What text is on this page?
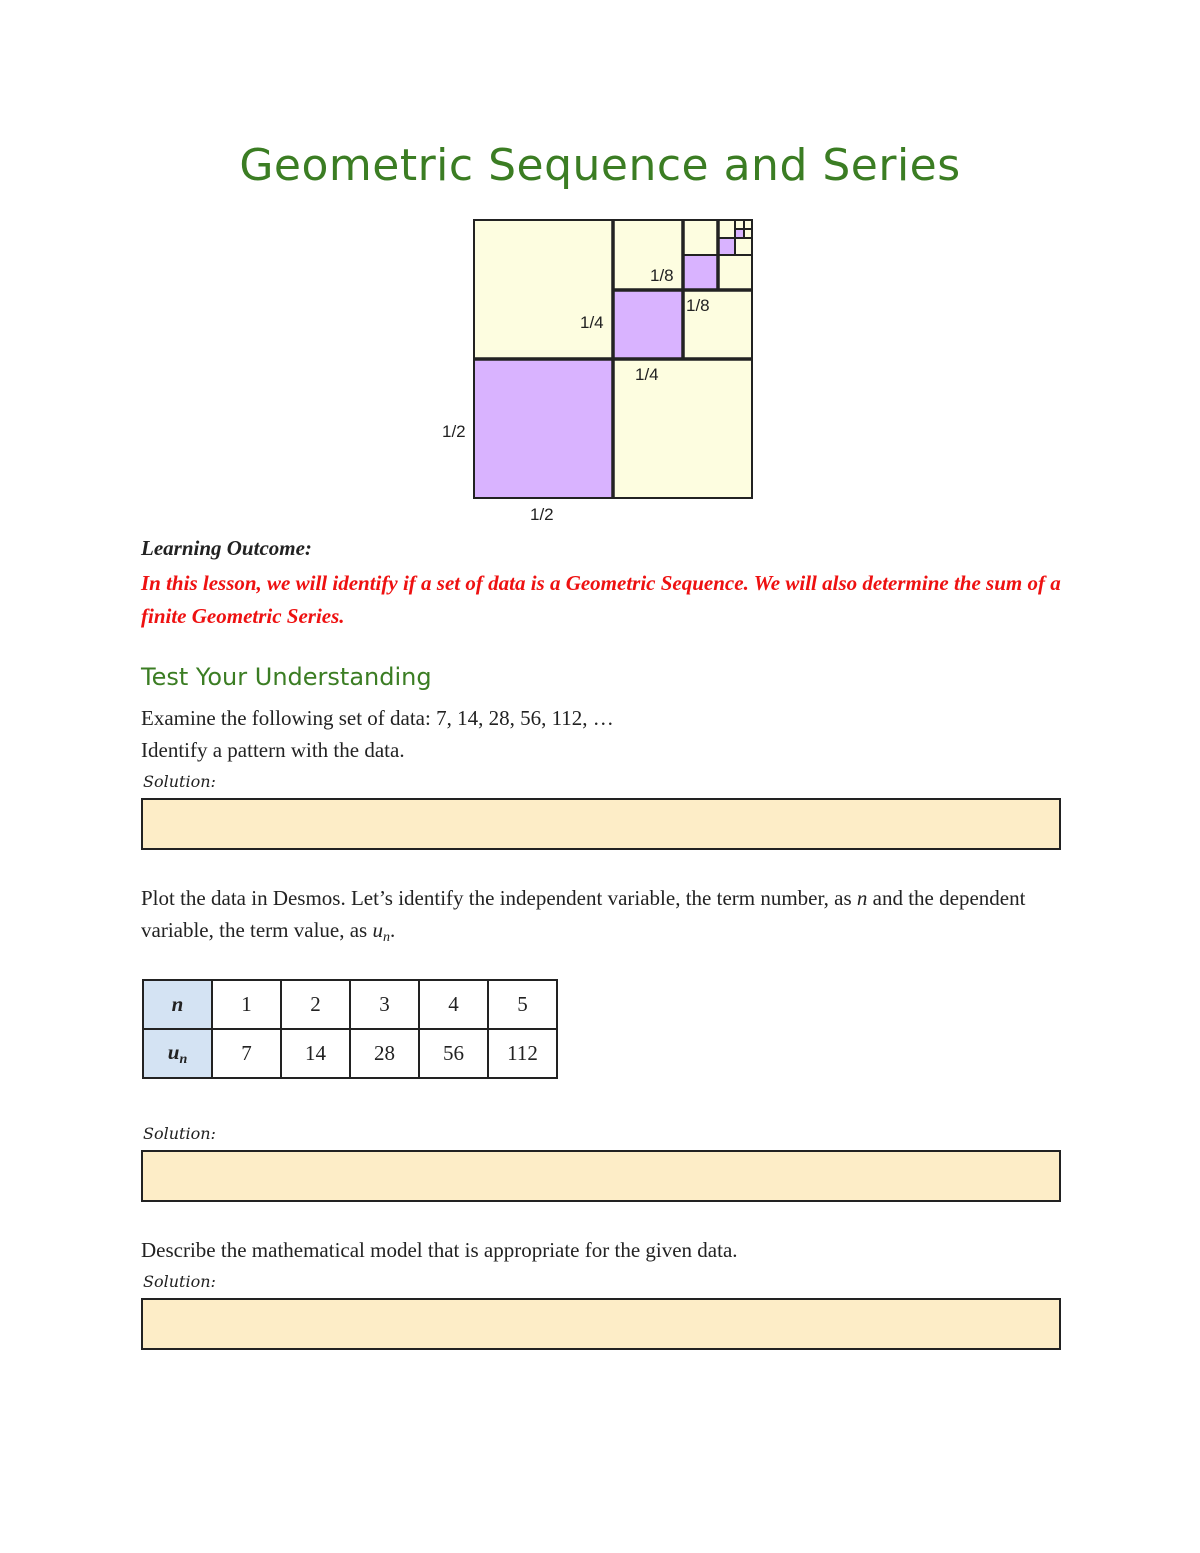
Geometric Sequence and Series
1/2
1/2
1/4
1/4
1/8
1/8
Learning Outcome:
In this lesson, we will identify if a set of data is a Geometric Sequence. We will also determine the sum of a finite Geometric Series.
Test Your Understanding
Examine the following set of data: 7, 14, 28, 56, 112, …
Identify a pattern with the data.
Solution:
Plot the data in Desmos. Let’s identify the independent variable, the term number, as n and the dependent variable, the term value, as $u_n$.
n	1	2	3	4	5
$u_n$	7	14	28	56	112
Solution:
Describe the mathematical model that is appropriate for the given data.
Solution:
